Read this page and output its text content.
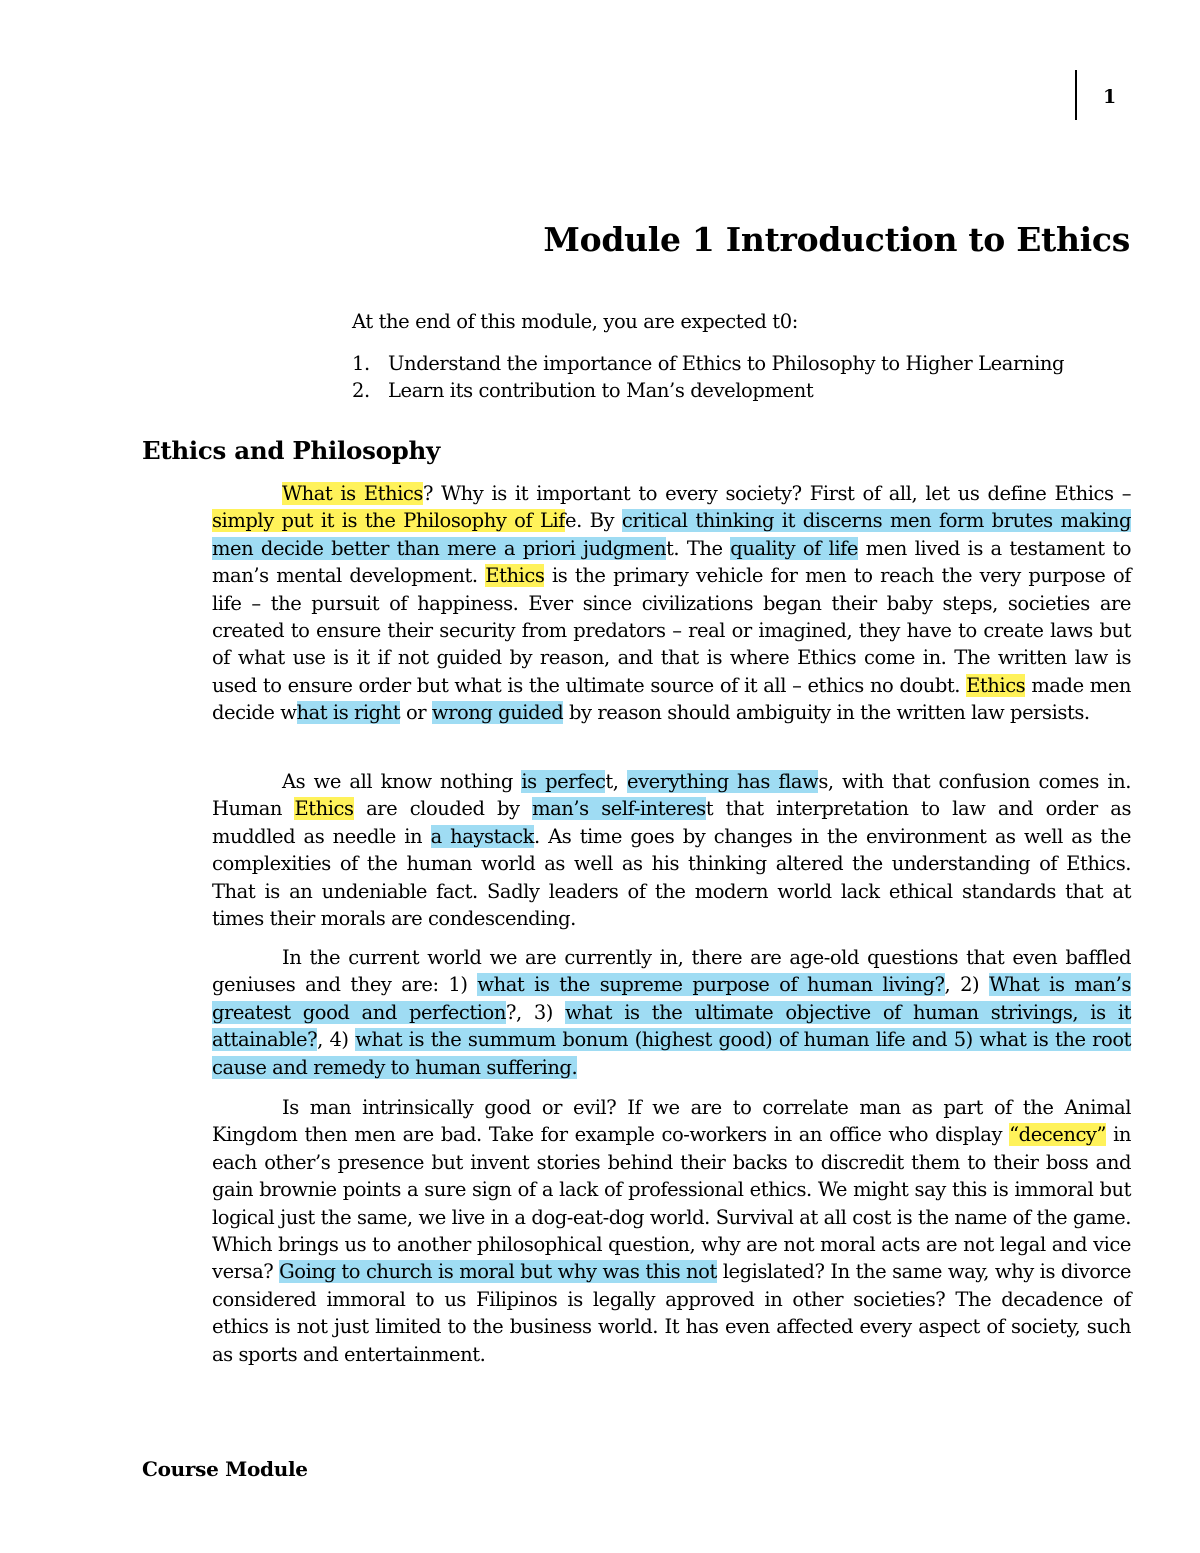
1
Module 1 Introduction to Ethics
At the end of this module, you are expected t0:
1. Understand the importance of Ethics to Philosophy to Higher Learning
2. Learn its contribution to Man’s development
Ethics and Philosophy

What is Ethics? Why is it important to every society? First of all, let us define Ethics – simply put it is the Philosophy of Life. By critical thinking it discerns men form brutes making men decide better than mere a priori judgment. The quality of life men lived is a testament to man’s mental development. Ethics is the primary vehicle for men to reach the very purpose of life – the pursuit of happiness. Ever since civilizations began their baby steps, societies are created to ensure their security from predators – real or imagined, they have to create laws but of what use is it if not guided by reason, and that is where Ethics come in. The written law is used to ensure order but what is the ultimate source of it all – ethics no doubt. Ethics made men decide what is right or wrong guided by reason should ambiguity in the written law persists.

As we all know nothing is perfect, everything has flaws, with that confusion comes in. Human Ethics are clouded by man’s self-interest that interpretation to law and order as muddled as needle in a haystack. As time goes by changes in the environment as well as the complexities of the human world as well as his thinking altered the understanding of Ethics. That is an undeniable fact. Sadly leaders of the modern world lack ethical standards that at times their morals are condescending.

In the current world we are currently in, there are age-old questions that even baffled geniuses and they are: 1) what is the supreme purpose of human living?, 2) What is man’s greatest good and perfection?, 3) what is the ultimate objective of human strivings, is it attainable?, 4) what is the summum bonum (highest good) of human life and 5) what is the root cause and remedy to human suffering.

Is man intrinsically good or evil? If we are to correlate man as part of the Animal Kingdom then men are bad. Take for example co-workers in an office who display “decency” in each other’s presence but invent stories behind their backs to discredit them to their boss and gain brownie points a sure sign of a lack of professional ethics. We might say this is immoral but logical just the same, we live in a dog-eat-dog world. Survival at all cost is the name of the game. Which brings us to another philosophical question, why are not moral acts are not legal and vice versa? Going to church is moral but why was this not legislated? In the same way, why is divorce considered immoral to us Filipinos is legally approved in other societies? The decadence of ethics is not just limited to the business world. It has even affected every aspect of society, such as sports and entertainment.

Course Module
